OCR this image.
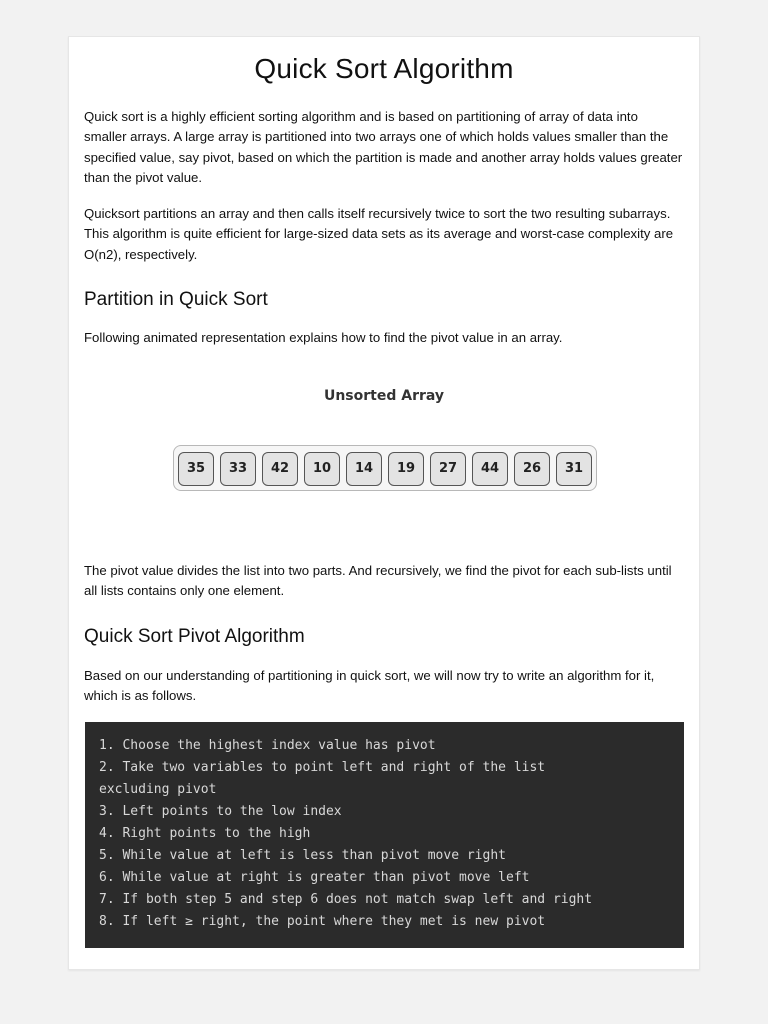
Quick Sort Algorithm
Quick sort is a highly efficient sorting algorithm and is based on partitioning of array of data into
smaller arrays. A large array is partitioned into two arrays one of which holds values smaller than the
specified value, say pivot, based on which the partition is made and another array holds values greater
than the pivot value.
Quicksort partitions an array and then calls itself recursively twice to sort the two resulting subarrays.
This algorithm is quite efficient for large-sized data sets as its average and worst-case complexity are
O(n2), respectively.
Partition in Quick Sort
Following animated representation explains how to find the pivot value in an array.
Unsorted Array
35	33	42	10	14	19	27	44	26	31
The pivot value divides the list into two parts. And recursively, we find the pivot for each sub-lists until
all lists contains only one element.
Quick Sort Pivot Algorithm
Based on our understanding of partitioning in quick sort, we will now try to write an algorithm for it,
which is as follows.
1. Choose the highest index value has pivot
2. Take two variables to point left and right of the list
excluding pivot
3. Left points to the low index
4. Right points to the high
5. While value at left is less than pivot move right
6. While value at right is greater than pivot move left
7. If both step 5 and step 6 does not match swap left and right
8. If left ≥ right, the point where they met is new pivot
